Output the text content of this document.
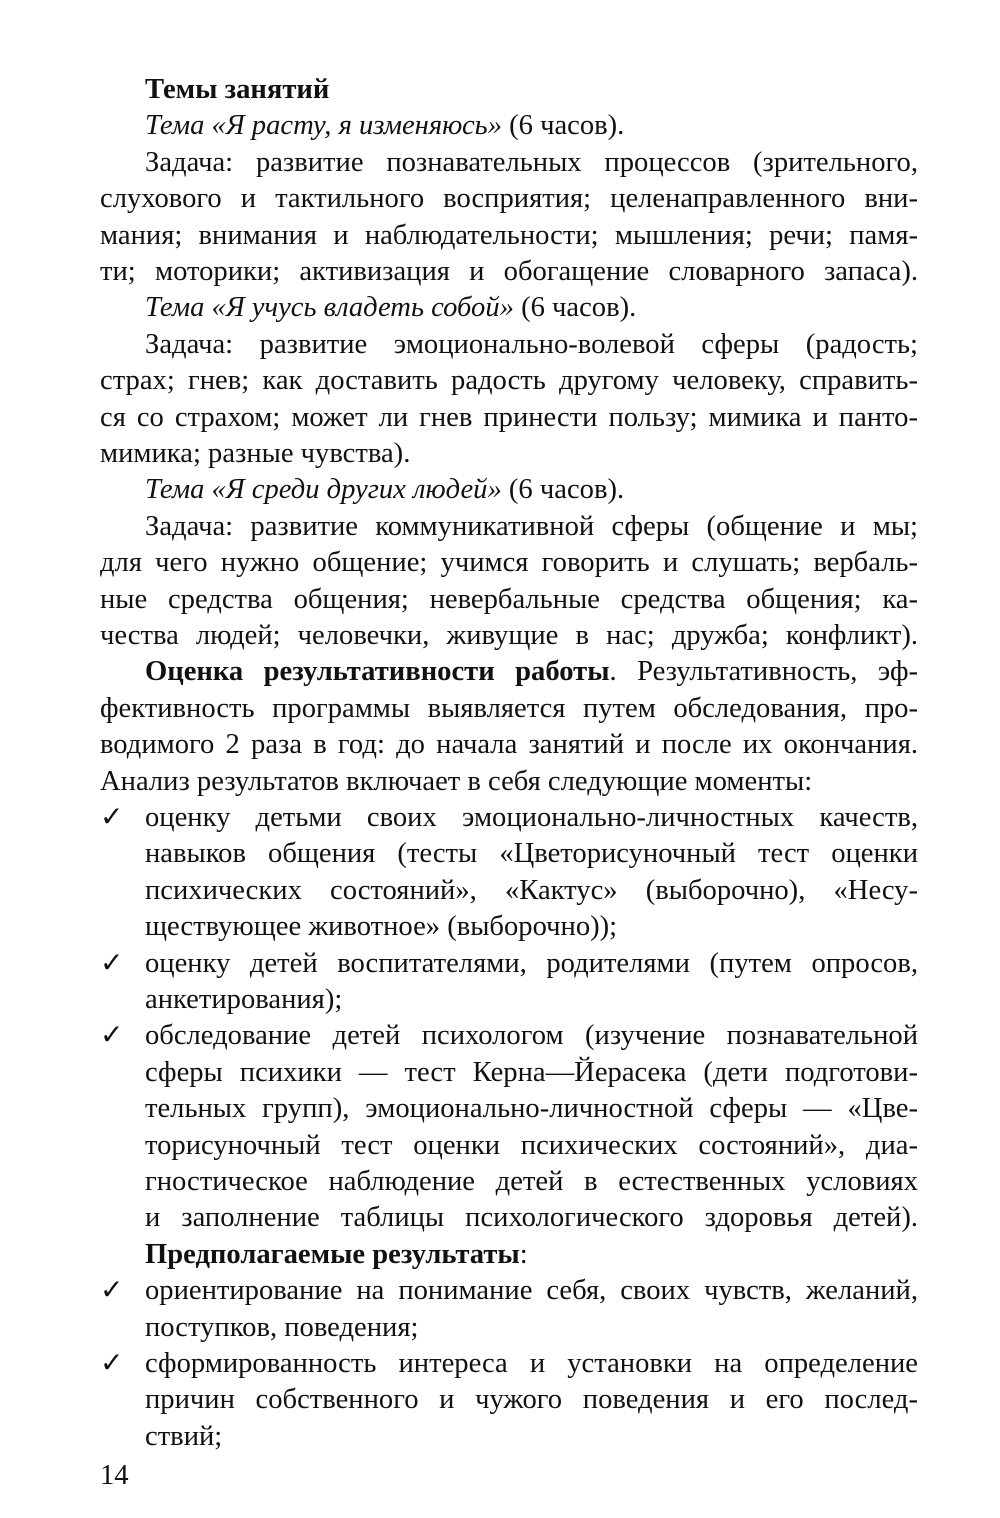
Темы занятий
Тема «Я расту, я изменяюсь» (6 часов).
Задача: развитие познавательных процессов (зрительного,
слухового и тактильного восприятия; целенаправленного вни-
мания; внимания и наблюдательности; мышления; речи; памя-
ти; моторики; активизация и обогащение словарного запаса).
Тема «Я учусь владеть собой» (6 часов).
Задача: развитие эмоционально-волевой сферы (радость;
страх; гнев; как доставить радость другому человеку, справить-
ся со страхом; может ли гнев принести пользу; мимика и панто-
мимика; разные чувства).
Тема «Я среди других людей» (6 часов).
Задача: развитие коммуникативной сферы (общение и мы;
для чего нужно общение; учимся говорить и слушать; вербаль-
ные средства общения; невербальные средства общения; ка-
чества людей; человечки, живущие в нас; дружба; конфликт).
Оценка результативности работы. Результативность, эф-
фективность программы выявляется путем обследования, про-
водимого 2 раза в год: до начала занятий и после их окончания.
Анализ результатов включает в себя следующие моменты:
✓ оценку детьми своих эмоционально-личностных качеств,
навыков общения (тесты «Цветорисуночный тест оценки
психических состояний», «Кактус» (выборочно), «Несу-
ществующее животное» (выборочно));
✓ оценку детей воспитателями, родителями (путем опросов,
анкетирования);
✓ обследование детей психологом (изучение познавательной
сферы психики — тест Керна—Йерасека (дети подготови-
тельных групп), эмоционально-личностной сферы — «Цве-
торисуночный тест оценки психических состояний», диа-
гностическое наблюдение детей в естественных условиях
и заполнение таблицы психологического здоровья детей).
Предполагаемые результаты:
✓ ориентирование на понимание себя, своих чувств, желаний,
поступков, поведения;
✓ сформированность интереса и установки на определение
причин собственного и чужого поведения и его послед-
ствий;
14
